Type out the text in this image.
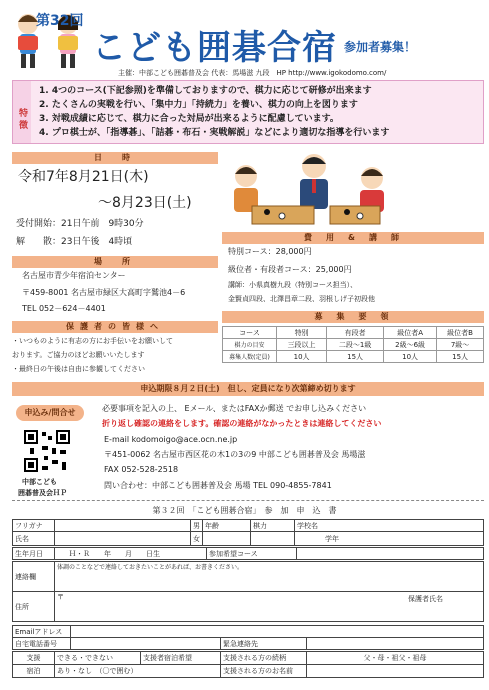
第32回
こども囲碁合宿 参加者募集！
主催：中部こども囲碁普及会 代表：馬場滋 九段　HP http://www.igokodomo.com/
特 徴
1. 4つのコース(下記参照)を準備しておりますので、棋力に応じて研修が出来ます
2. たくさんの実戦を行い、「集中力」「持続力」を養い、棋力の向上を図ります
3. 対戦成績に応じて、棋力に合った対局が出来るように配慮しています。
4. プロ棋士が、「指導碁」、「詰碁・布石・実戦解説」などにより適切な指導を行います
日　時
令和7年8月21日(木)
～8月23日(土)
受付開始：21日午前　9時30分
解　　散：23日午後　4時頃
場　所
名古屋市青少年宿泊センター
〒459-8001 名古屋市緑区大高町字鷲池4－6
TEL 052－624－4401
保護者の皆様へ
・いつものように有志の方にお手伝いをお願いして
おります。ご協力のほどお願いいたします
・最終日の午後は自由に参観してください
費　用　&　講　師
特別コース：28,000円
級位者・有段者コース：25,000円
講師：小県真樹九段（特別コース担当）、
金賢貞四段、北澤昌章二段、羽根しげ子初段他
募　集　要　領
コース	特別	有段者	級位者A	級位者B
棋力の目安	三段以上	二段〜1級	2級〜6級	7級〜
募集人数(定員)	10人	15人	10人	15人
申込期限８月２日(土)　但し、定員になり次第締め切ります
申込み/問合せ
中部こども
囲碁普及会ＨＰ
必要事項を記入の上、 Eメール、またはFAXか郵送 でお申し込みください
折り返し確認の連絡をします。確認の連絡がなかったときは連絡してください
E-mail kodomoigo@ace.ocn.ne.jp
〒451-0062 名古屋市西区花の木1の3の9 中部こども囲碁普及会 馬場滋
FAX 052-528-2518
問い合わせ：中部こども囲碁普及会 馬場 TEL 090-4855-7841
第３２回　「こども囲碁合宿」　参　加　申　込　書
フリガナ		男	年齢	棋力	学校名
氏名		女			学年
生年月日	Ｈ・Ｒ　　年　　月　　日生	参加希望コース	
連絡欄	体調のことなどで連絡しておきたいことがあれば、お書きください。
住所	〒 保護者氏名
Emailアドレス			
自宅電話番号		緊急連絡先	
支援	できる・できない	支援者宿泊希望	支援される方の続柄	父・母・祖父・祖母
宿泊	あり・なし　（〇で囲む）		支援される方のお名前	
